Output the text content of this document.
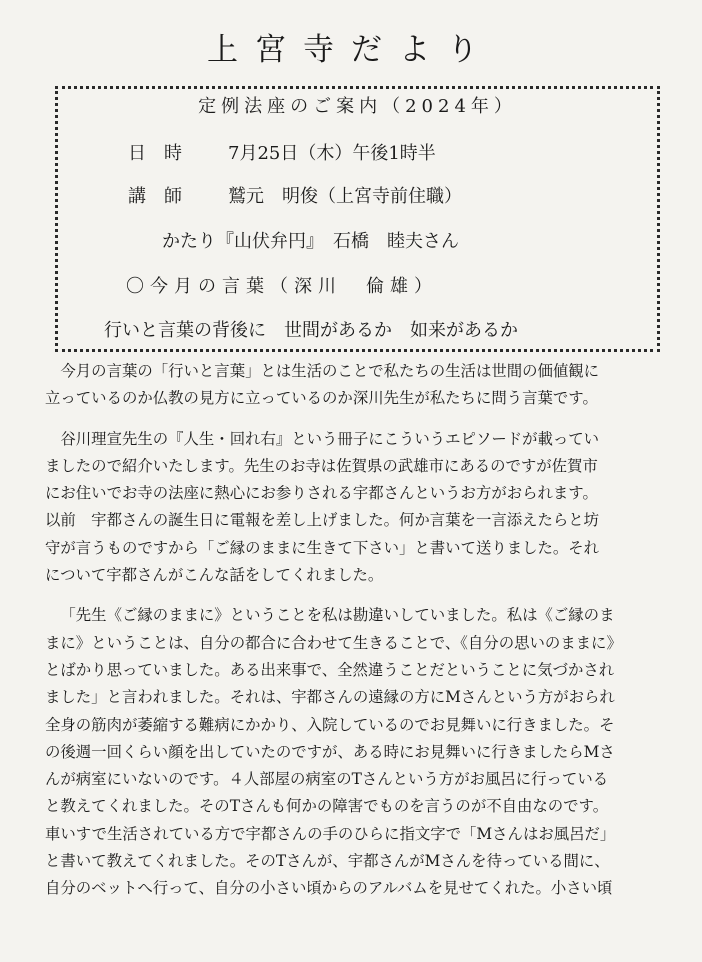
上宮寺だより
定例法座のご案内（2024年）
日時 7月25日（木）午後1時半
講師 鷲元　明俊（上宮寺前住職）
かたり『山伏弁円』　石橋　睦夫さん
〇今月の言葉（深川　倫雄）
行いと言葉の背後に　世間があるか　如来があるか

今月の言葉の「行いと言葉」とは生活のことで私たちの生活は世間の価値観に
立っているのか仏教の見方に立っているのか深川先生が私たちに問う言葉です。

谷川理宣先生の『人生・回れ右』という冊子にこういうエピソードが載ってい
ましたので紹介いたします。先生のお寺は佐賀県の武雄市にあるのですが佐賀市
にお住いでお寺の法座に熱心にお参りされる宇都さんというお方がおられます。
以前　宇都さんの誕生日に電報を差し上げました。何か言葉を一言添えたらと坊
守が言うものですから「ご縁のままに生きて下さい」と書いて送りました。それ
について宇都さんがこんな話をしてくれました。

「先生《ご縁のままに》ということを私は勘違いしていました。私は《ご縁のま
まに》ということは、自分の都合に合わせて生きることで、《自分の思いのままに》
とばかり思っていました。ある出来事で、全然違うことだということに気づかされ
ました」と言われました。それは、宇都さんの遠縁の方にMさんという方がおられ
全身の筋肉が萎縮する難病にかかり、入院しているのでお見舞いに行きました。そ
の後週一回くらい顔を出していたのですが、ある時にお見舞いに行きましたらMさ
んが病室にいないのです。４人部屋の病室のTさんという方がお風呂に行っている
と教えてくれました。そのTさんも何かの障害でものを言うのが不自由なのです。
車いすで生活されている方で宇都さんの手のひらに指文字で「Mさんはお風呂だ」
と書いて教えてくれました。そのTさんが、宇都さんがMさんを待っている間に、
自分のベットへ行って、自分の小さい頃からのアルバムを見せてくれた。小さい頃
